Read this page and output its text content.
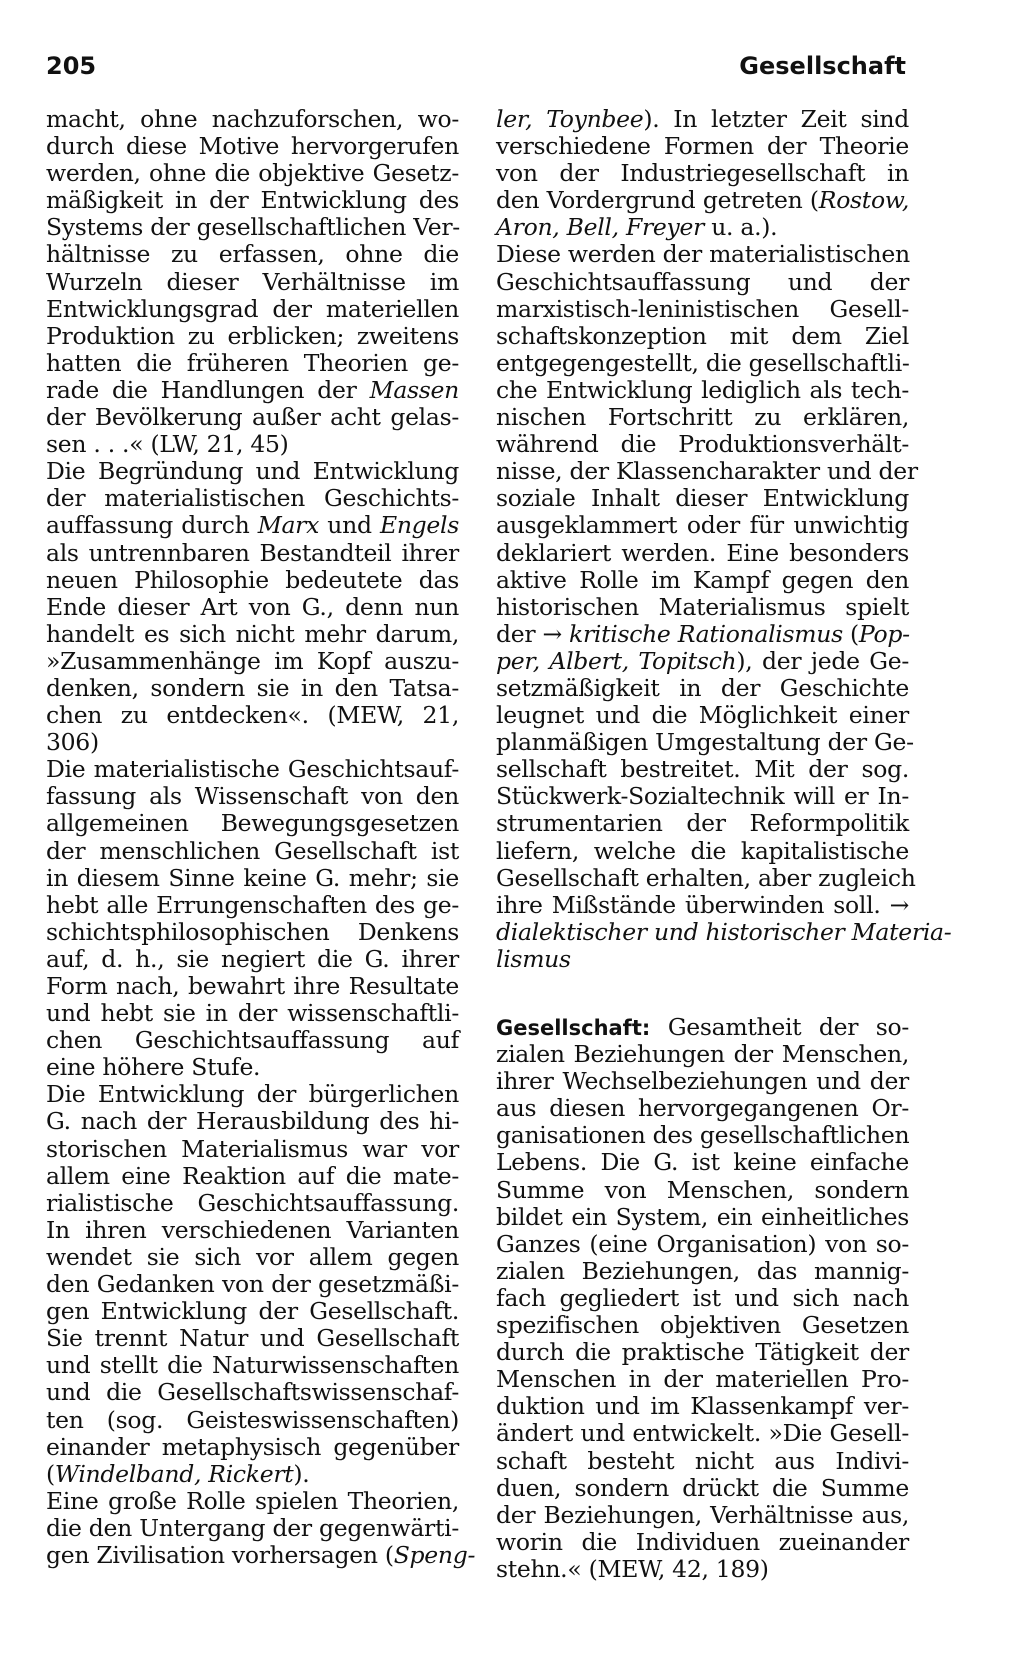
205	Gesellschaft
macht, ohne nachzuforschen, wo-
durch diese Motive hervorgerufen
werden, ohne die objektive Gesetz-
mäßigkeit in der Entwicklung des
Systems der gesellschaftlichen Ver-
hältnisse zu erfassen, ohne die
Wurzeln dieser Verhältnisse im
Entwicklungsgrad der materiellen
Produktion zu erblicken; zweitens
hatten die früheren Theorien ge-
rade die Handlungen der Massen
der Bevölkerung außer acht gelas-
sen . . .« (LW, 21, 45)
Die Begründung und Entwicklung
der materialistischen Geschichts-
auffassung durch Marx und Engels
als untrennbaren Bestandteil ihrer
neuen Philosophie bedeutete das
Ende dieser Art von G., denn nun
handelt es sich nicht mehr darum,
»Zusammenhänge im Kopf auszu-
denken, sondern sie in den Tatsa-
chen zu entdecken«. (MEW, 21,
306)
Die materialistische Geschichtsauf-
fassung als Wissenschaft von den
allgemeinen Bewegungsgesetzen
der menschlichen Gesellschaft ist
in diesem Sinne keine G. mehr; sie
hebt alle Errungenschaften des ge-
schichtsphilosophischen Denkens
auf, d. h., sie negiert die G. ihrer
Form nach, bewahrt ihre Resultate
und hebt sie in der wissenschaftli-
chen Geschichtsauffassung auf
eine höhere Stufe.
Die Entwicklung der bürgerlichen
G. nach der Herausbildung des hi-
storischen Materialismus war vor
allem eine Reaktion auf die mate-
rialistische Geschichtsauffassung.
In ihren verschiedenen Varianten
wendet sie sich vor allem gegen
den Gedanken von der gesetzmäßi-
gen Entwicklung der Gesellschaft.
Sie trennt Natur und Gesellschaft
und stellt die Naturwissenschaften
und die Gesellschaftswissenschaf-
ten (sog. Geisteswissenschaften)
einander metaphysisch gegenüber
(Windelband, Rickert).
Eine große Rolle spielen Theorien,
die den Untergang der gegenwärti-
gen Zivilisation vorhersagen (Speng-
ler, Toynbee). In letzter Zeit sind
verschiedene Formen der Theorie
von der Industriegesellschaft in
den Vordergrund getreten (Rostow,
Aron, Bell, Freyer u. a.).
Diese werden der materialistischen
Geschichtsauffassung und der
marxistisch-leninistischen Gesell-
schaftskonzeption mit dem Ziel
entgegengestellt, die gesellschaftli-
che Entwicklung lediglich als tech-
nischen Fortschritt zu erklären,
während die Produktionsverhält-
nisse, der Klassencharakter und der
soziale Inhalt dieser Entwicklung
ausgeklammert oder für unwichtig
deklariert werden. Eine besonders
aktive Rolle im Kampf gegen den
historischen Materialismus spielt
der → kritische Rationalismus (Pop-
per, Albert, Topitsch), der jede Ge-
setzmäßigkeit in der Geschichte
leugnet und die Möglichkeit einer
planmäßigen Umgestaltung der Ge-
sellschaft bestreitet. Mit der sog.
Stückwerk-Sozialtechnik will er In-
strumentarien der Reformpolitik
liefern, welche die kapitalistische
Gesellschaft erhalten, aber zugleich
ihre Mißstände überwinden soll. →
dialektischer und historischer Materia-
lismus
Gesellschaft: Gesamtheit der so-
zialen Beziehungen der Menschen,
ihrer Wechselbeziehungen und der
aus diesen hervorgegangenen Or-
ganisationen des gesellschaftlichen
Lebens. Die G. ist keine einfache
Summe von Menschen, sondern
bildet ein System, ein einheitliches
Ganzes (eine Organisation) von so-
zialen Beziehungen, das mannig-
fach gegliedert ist und sich nach
spezifischen objektiven Gesetzen
durch die praktische Tätigkeit der
Menschen in der materiellen Pro-
duktion und im Klassenkampf ver-
ändert und entwickelt. »Die Gesell-
schaft besteht nicht aus Indivi-
duen, sondern drückt die Summe
der Beziehungen, Verhältnisse aus,
worin die Individuen zueinander
stehn.« (MEW, 42, 189)
